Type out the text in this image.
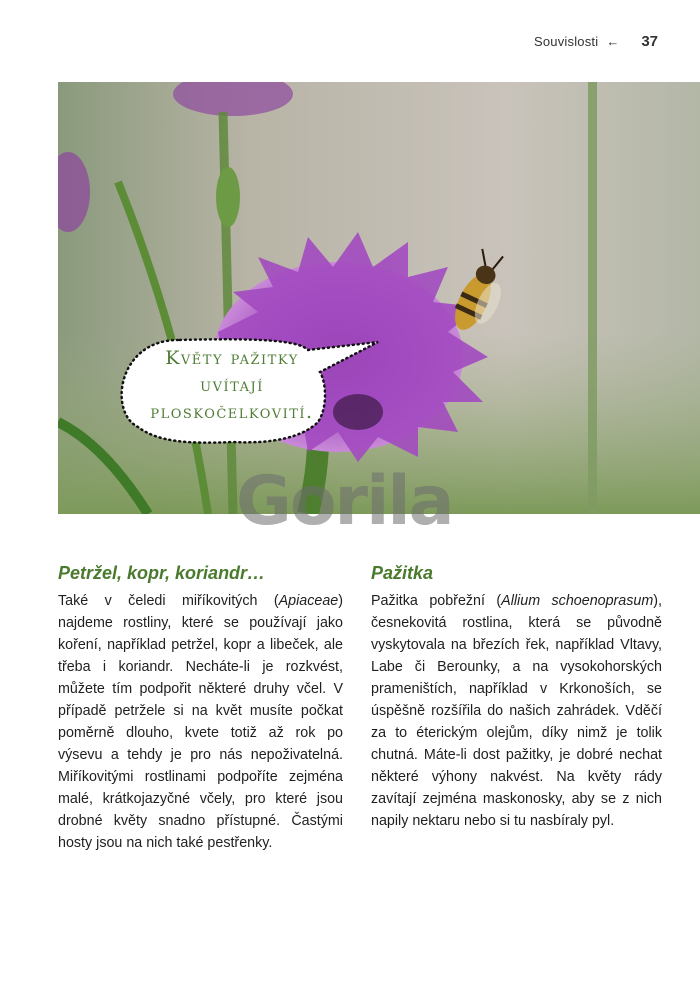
Souvislosti ← 37
Květy pažitky
uvítají
ploskočelkovití.
Gorila
Petržel, kopr, koriandr…

Také v čeledi miříkovitých (Apiaceae) najdeme rostliny, které se používají jako koření, například petržel, kopr a libeček, ale třeba i koriandr. Necháte-li je rozkvést, můžete tím podpořit některé druhy včel. V případě petržele si na květ musíte počkat poměrně dlouho, kvete totiž až rok po výsevu a tehdy je pro nás nepoživatelná. Miříkovitými rostlinami podpoříte zejména malé, krátkojazyčné včely, pro které jsou drobné květy snadno přístupné. Častými hosty jsou na nich také pestřenky.

Pažitka

Pažitka pobřežní (Allium schoenoprasum), česnekovitá rostlina, která se původně vyskytovala na březích řek, například Vltavy, Labe či Berounky, a na vysokohorských prameništích, například v Krkonoších, se úspěšně rozšířila do našich zahrádek. Vděčí za to éterickým olejům, díky nimž je tolik chutná. Máte-li dost pažitky, je dobré nechat některé výhony nakvést. Na květy rády zavítají zejména maskonosky, aby se z nich napily nektaru nebo si tu nasbíraly pyl.
